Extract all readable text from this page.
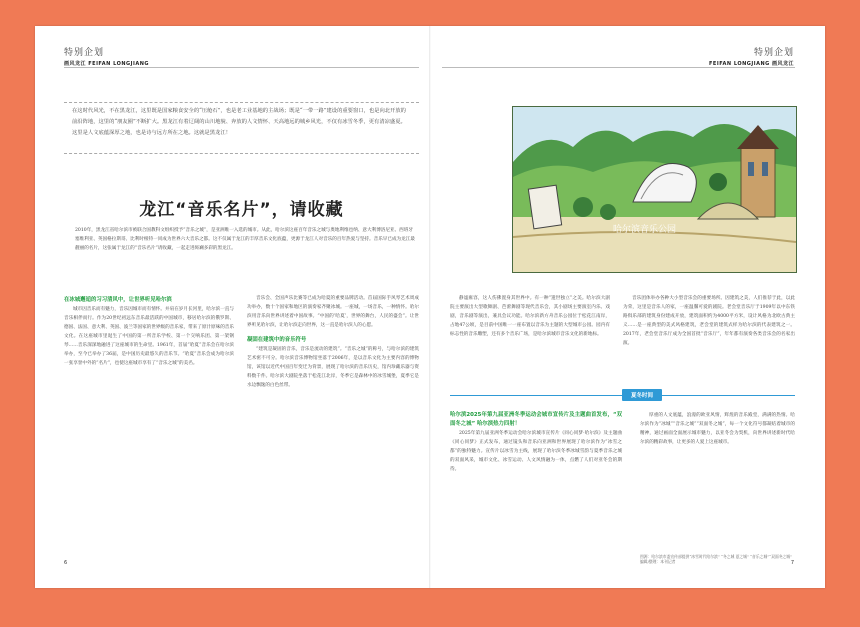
特别企划
画风龙江 FEIFAN LONGJIANG
在这时代风光，不在黑龙江，这里既是国家粮食安全的“压舱石”，也是老工业基地的主战场；既是“一带一路”建设的重要窗口，也是向北开放的前沿阵地，这里的“朋友圈”不断扩大。黑龙江有着辽阔的山川地貌、奔放的人文情怀、天高地远的城乡风光，不仅有冰雪冬季，更有清凉盛夏。这里是人文底蕴深厚之地，也是诗与远方所在之地。这就是黑龙江！
龙江“音乐名片”，请收藏
2010年，黑龙江省哈尔滨市被联合国教科文组织授予“音乐之城”，是亚洲唯一入选的城市。从此，哈尔滨这座百年音乐之城与奥地利维也纳、意大利博洛尼亚、西班牙塞维利亚、英国格拉斯哥、比利时根特一同成为世界六大音乐之都。这不仅属于龙江的丰厚音乐文化底蕴，更源于龙江人对音乐的百年热爱与坚持。音乐早已成为龙江最靓丽的名片，这张属于龙江的“音乐名片”请收藏，一起走进斑斓多彩的黑龙江。
在冰城邂逅的习习清风中，让世界听见哈尔滨

城市因音乐而有魅力，音乐因城市而有情怀。并肩在岁月长河里，哈尔滨一直与音乐相伴而行。作为20世纪初远东音乐最活跃的中国城市，移居哈尔滨的俄罗斯、德国、法国、意大利、英国、波兰等国家的世界级的音乐家，带来了原汁原味的音乐文化。在这座城市里诞生了中国的第一所音乐学校、第一个交响乐团、第一架钢琴……音乐深深地融进了这座城市的生命里。1961年，首届“哈夏”音乐会在哈尔滨举办，至今已举办了36届，是中国历史最悠久的音乐节。“哈夏”音乐会成为哈尔滨一张享誉中外的“名片”，也使这座城市享有了“音乐之城”的美名。

音乐会、全国声乐比赛等已成为哈夏的重要品牌活动。首届国际手风琴艺术周成功举办，数十个国家和地区的演奏家齐聚冰城。一座城，一场音乐，一种情怀。哈尔滨用音乐向世界讲述着中国故事。“中国的‘哈夏’，世界的舞台，人民的盛会”。让世界听见哈尔滨，让哈尔滨走向世界，这一直是哈尔滨人的心愿。

凝固在建筑中的音乐符号

“建筑是凝固的音乐，音乐是流动的建筑”。“音乐之城”的称号，与哈尔滨的建筑艺术密不可分。哈尔滨音乐博物馆坐落于2006年，是以音乐文化为主要内容的博物馆，该馆以近代中国百年变迁为背景，展现了哈尔滨的音乐历史，馆内珍藏乐器与资料数千件。哈尔滨大剧院坐落于松花江北岸，冬季它是森林中的冰雪城堡，夏季它是水边飘逸的白色丝带。

6
特别企划
FEIFAN LONGJIANG 画风龙江
哈尔滨音乐公园

静谧雍容，这人伤佛置身其世界中。有一种“遗世独立”之美。哈尔滨大剧院主要演出大型歌舞剧、芭蕾舞剧等现代音乐会，其小剧场主要演室内乐、戏剧，音乐剧等演出，兼具会议功能。哈尔滨新方舟音乐公园位于松花江南岸，占地47公顷，是目前中国唯一一座布置以音乐为主题的大型城市公园。园内有标志性的音乐雕塑，还有多个音乐广场，是哈尔滨城市音乐文化的新地标。

音乐团体举办各种大小型音乐会的重要场所。因建筑之美，人们推荐于此，以此为荣，这里是音乐人的家，一座温馨可爱的剧院。老会堂音乐厅于1909年以中东铁路俱乐部的建筑身份建成开放，建筑面积约为4000平方米，设计风格为北欧古典主义……是一座典型的美式风格建筑，老会堂的建筑式样为哈尔滨的代表建筑之一。2017年，老会堂音乐厅成为全国首批“音乐厅”，年年都有演奏各类音乐会的名家出演。

夏冬时间
哈尔滨2025年第九届亚洲冬季运动会城市宣传片及主题曲首发布，“双面冬之城” 哈尔滨热力四射！

2025年第九届亚洲冬季运动会哈尔滨城市宣传片《同心同梦·哈尔滨》及主题曲《同心同梦》正式发布，通过镜头和音乐向亚洲和世界展现了哈尔滨作为“冰雪之都”的独特魅力。宣传片以冰雪为主线，展现了哈尔滨冬季冰城雪韵与夏季音乐之城的双面风采，城市文化、冰雪运动、人文风情融为一体，点燃了人们对亚冬会的期待。

厚重的人文底蕴，浪漫的欧亚风情，辉煌的音乐殿堂，满满的热情。哈尔滨作为“冰城”“音乐之城”“双面冬之城”，每一个文化符号都凝结着城市的精神，通过画面全面展示城市魅力，以亚冬会为契机，向世界讲述新时代哈尔滨的精彩故事，让更多的人爱上这座城市。

图源：哈尔滨市委宣传部提供“冰雪时代哈尔滨” “冬之城 夏之城” “音乐之城”“双面冬之城” 编辑/整理：本刊记者	7
